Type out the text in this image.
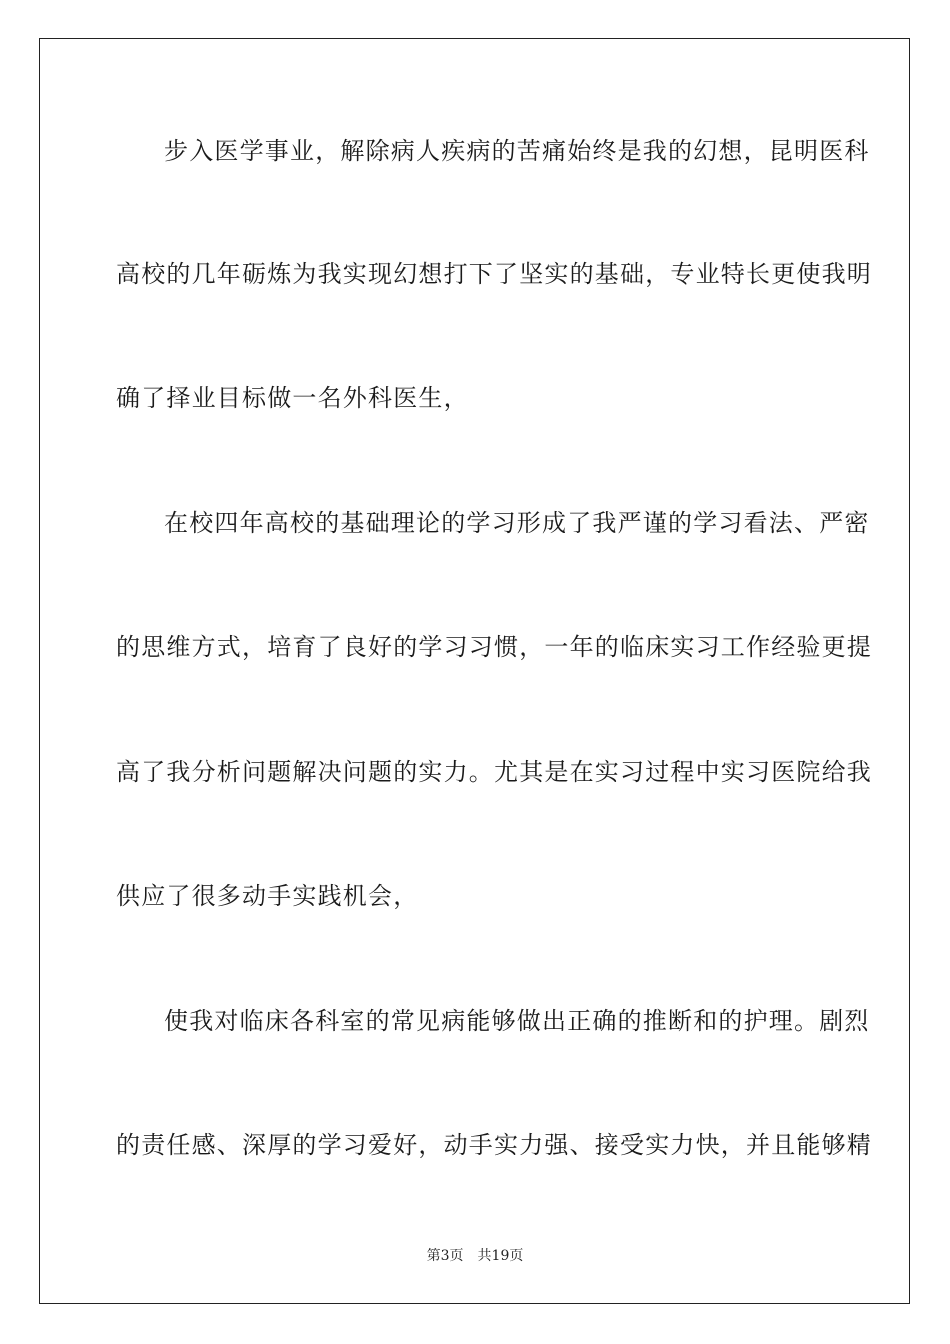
步入医学事业，解除病人疾病的苦痛始终是我的幻想，昆明医科
高校的几年砺炼为我实现幻想打下了坚实的基础，专业特长更使我明
确了择业目标做一名外科医生，
在校四年高校的基础理论的学习形成了我严谨的学习看法、严密
的思维方式，培育了良好的学习习惯，一年的临床实习工作经验更提
高了我分析问题解决问题的实力。尤其是在实习过程中实习医院给我
供应了很多动手实践机会，
使我对临床各科室的常见病能够做出正确的推断和的护理。剧烈
的责任感、深厚的学习爱好，动手实力强、接受实力快，并且能够精
第3页 共19页
